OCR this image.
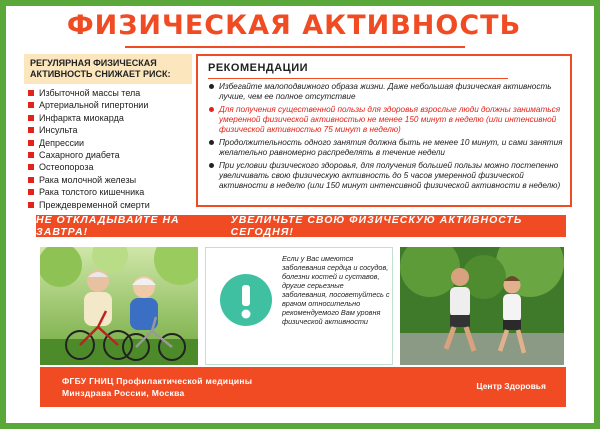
ФИЗИЧЕСКАЯ АКТИВНОСТЬ
РЕГУЛЯРНАЯ ФИЗИЧЕСКАЯ
АКТИВНОСТЬ СНИЖАЕТ РИСК:
Избыточной массы тела
Артериальной гипертонии
Инфаркта миокарда
Инсульта
Депрессии
Сахарного диабета
Остеопороза
Рака молочной железы
Рака толстого кишечника
Преждевременной смерти
РЕКОМЕНДАЦИИ
Избегайте малоподвижного образа жизни. Даже небольшая физическая активность лучше, чем ее полное отсутствие
Для получения существенной пользы для здоровья взрослые люди должны заниматься умеренной физической активностью не менее 150 минут в неделю (или интенсивной физической активностью 75 минут в неделю)
Продолжительность одного занятия должна быть не менее 10 минут, и сами занятия желательно равномерно распределять в течение недели
При условии физического здоровья, для получения большей пользы можно постепенно увеличивать свою физическую активность до 5 часов умеренной физической активности в неделю (или 150 минут интенсивной физической активности в неделю)
НЕ ОТКЛАДЫВАЙТЕ НА ЗАВТРА!
УВЕЛИЧЬТЕ СВОЮ ФИЗИЧЕСКУЮ АКТИВНОСТЬ СЕГОДНЯ!
Если у Вас имеются заболевания сердца и сосудов, болезни костей и суставов, другие серьезные заболевания, посоветуйтесь с врачом относительно рекомендуемого Вам уровня физической активности
ФГБУ ГНИЦ Профилактической медицины
Минздрава России, Москва
Центр Здоровья
